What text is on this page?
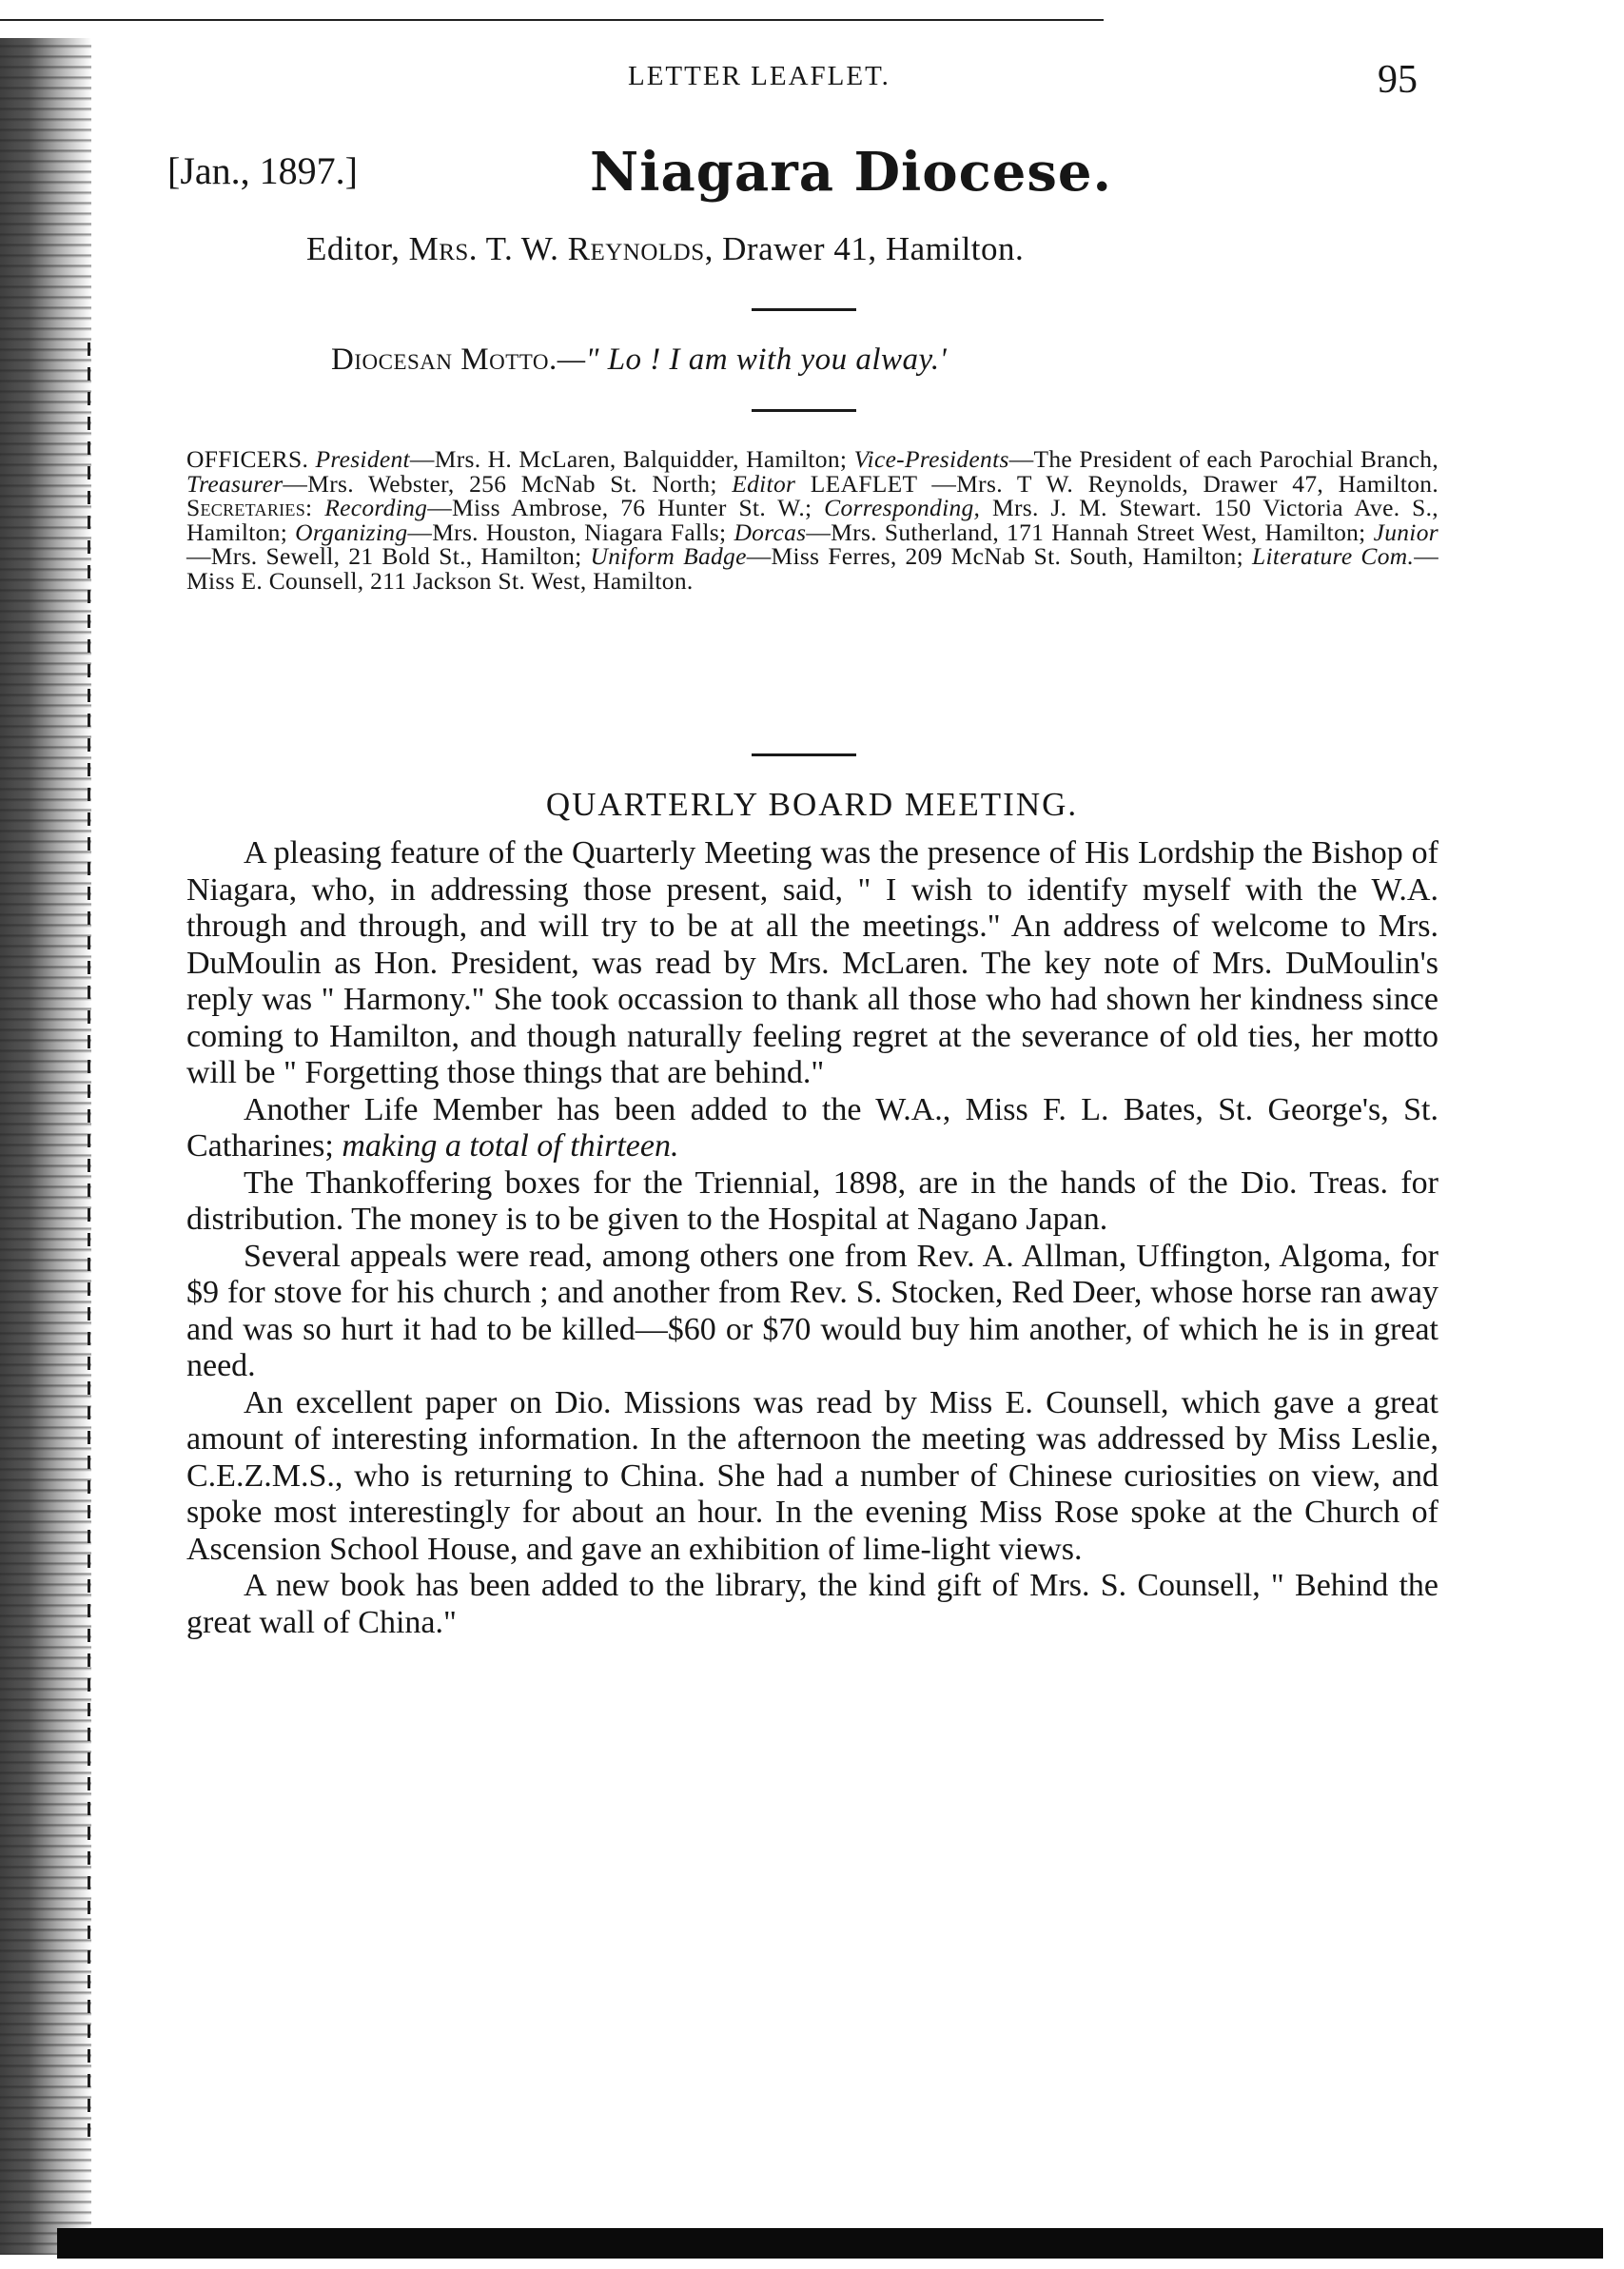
LETTER LEAFLET.	95
[Jan., 1897.]	Niagara Diocese.
Editor, Mrs. T. W. Reynolds, Drawer 41, Hamilton.
Diocesan Motto.—" Lo ! I am with you alway.'
OFFICERS. President—Mrs. H. McLaren, Balquidder, Hamilton; Vice-Presidents—The President of each Parochial Branch, Treasurer—Mrs. Webster, 256 McNab St. North; Editor LEAFLET —Mrs. T W. Reynolds, Drawer 47, Hamilton. Secretaries: Recording—Miss Ambrose, 76 Hunter St. W.; Corresponding, Mrs. J. M. Stewart. 150 Victoria Ave. S., Hamilton; Organizing—Mrs. Houston, Niagara Falls; Dorcas—Mrs. Sutherland, 171 Hannah Street West, Hamilton; Junior—Mrs. Sewell, 21 Bold St., Hamilton; Uniform Badge—Miss Ferres, 209 McNab St. South, Hamilton; Literature Com.—Miss E. Counsell, 211 Jackson St. West, Hamilton.
QUARTERLY BOARD MEETING.

A pleasing feature of the Quarterly Meeting was the presence of His Lordship the Bishop of Niagara, who, in addressing those present, said, " I wish to identify myself with the W.A. through and through, and will try to be at all the meetings." An address of welcome to Mrs. DuMoulin as Hon. President, was read by Mrs. McLaren. The key note of Mrs. DuMoulin's reply was " Harmony." She took occassion to thank all those who had shown her kindness since coming to Hamilton, and though naturally feeling regret at the severance of old ties, her motto will be " Forgetting those things that are behind."

Another Life Member has been added to the W.A., Miss F. L. Bates, St. George's, St. Catharines; making a total of thirteen.

The Thankoffering boxes for the Triennial, 1898, are in the hands of the Dio. Treas. for distribution. The money is to be given to the Hospital at Nagano Japan.

Several appeals were read, among others one from Rev. A. Allman, Uffington, Algoma, for $9 for stove for his church ; and another from Rev. S. Stocken, Red Deer, whose horse ran away and was so hurt it had to be killed—$60 or $70 would buy him another, of which he is in great need.

An excellent paper on Dio. Missions was read by Miss E. Counsell, which gave a great amount of interesting information. In the afternoon the meeting was addressed by Miss Leslie, C.E.Z.M.S., who is returning to China. She had a number of Chinese curiosities on view, and spoke most interestingly for about an hour. In the evening Miss Rose spoke at the Church of Ascension School House, and gave an exhibition of lime-light views.

A new book has been added to the library, the kind gift of Mrs. S. Counsell, " Behind the great wall of China."
